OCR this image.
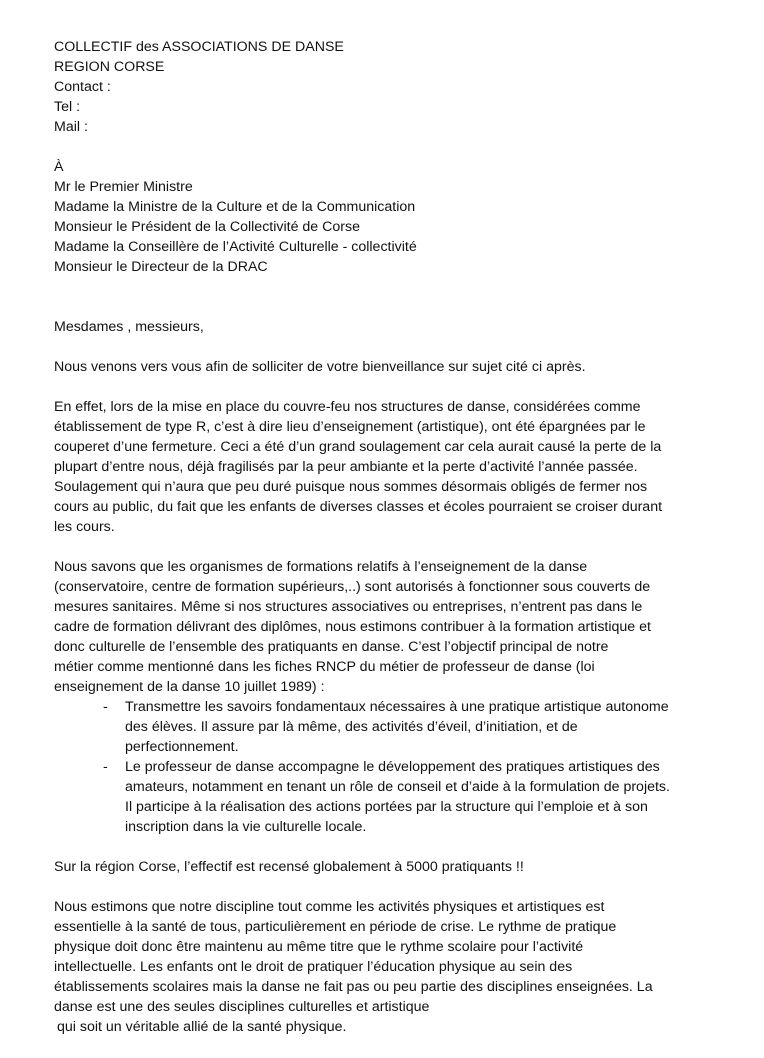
COLLECTIF des ASSOCIATIONS DE DANSE
REGION CORSE
Contact :
Tel :
Mail :
À
Mr le Premier Ministre
Madame la Ministre de la Culture et de la Communication
Monsieur le Président de la Collectivité de Corse
Madame la Conseillère de l’Activité Culturelle - collectivité
Monsieur le Directeur de la DRAC
Mesdames , messieurs,
Nous venons vers vous afin de solliciter de votre bienveillance sur sujet cité ci après.
En effet, lors de la mise en place du couvre-feu nos structures de danse, considérées comme
établissement de type R, c’est à dire lieu d’enseignement (artistique), ont été épargnées par le
couperet d’une fermeture. Ceci a été d’un grand soulagement car cela aurait causé la perte de la
plupart d’entre nous, déjà fragilisés par la peur ambiante et la perte d’activité l’année passée.
Soulagement qui n’aura que peu duré puisque nous sommes désormais obligés de fermer nos
cours au public, du fait que les enfants de diverses classes et écoles pourraient se croiser durant
les cours.
Nous savons que les organismes de formations relatifs à l’enseignement de la danse
(conservatoire, centre de formation supérieurs,..) sont autorisés à fonctionner sous couverts de
mesures sanitaires. Même si nos structures associatives ou entreprises, n’entrent pas dans le
cadre de formation délivrant des diplômes, nous estimons contribuer à la formation artistique et
donc culturelle de l’ensemble des pratiquants en danse. C’est l’objectif principal de notre
métier comme mentionné dans les fiches RNCP du métier de professeur de danse (loi
enseignement de la danse 10 juillet 1989) :
- Transmettre les savoirs fondamentaux nécessaires à une pratique artistique autonome
des élèves. Il assure par là même, des activités d’éveil, d’initiation, et de
perfectionnement.
- Le professeur de danse accompagne le développement des pratiques artistiques des
amateurs, notamment en tenant un rôle de conseil et d’aide à la formulation de projets.
Il participe à la réalisation des actions portées par la structure qui l’emploie et à son
inscription dans la vie culturelle locale.
Sur la région Corse, l’effectif est recensé globalement à 5000 pratiquants !!
Nous estimons que notre discipline tout comme les activités physiques et artistiques est
essentielle à la santé de tous, particulièrement en période de crise. Le rythme de pratique
physique doit donc être maintenu au même titre que le rythme scolaire pour l’activité
intellectuelle. Les enfants ont le droit de pratiquer l’éducation physique au sein des
établissements scolaires mais la danse ne fait pas ou peu partie des disciplines enseignées. La
danse est une des seules disciplines culturelles et artistique
qui soit un véritable allié de la santé physique.
